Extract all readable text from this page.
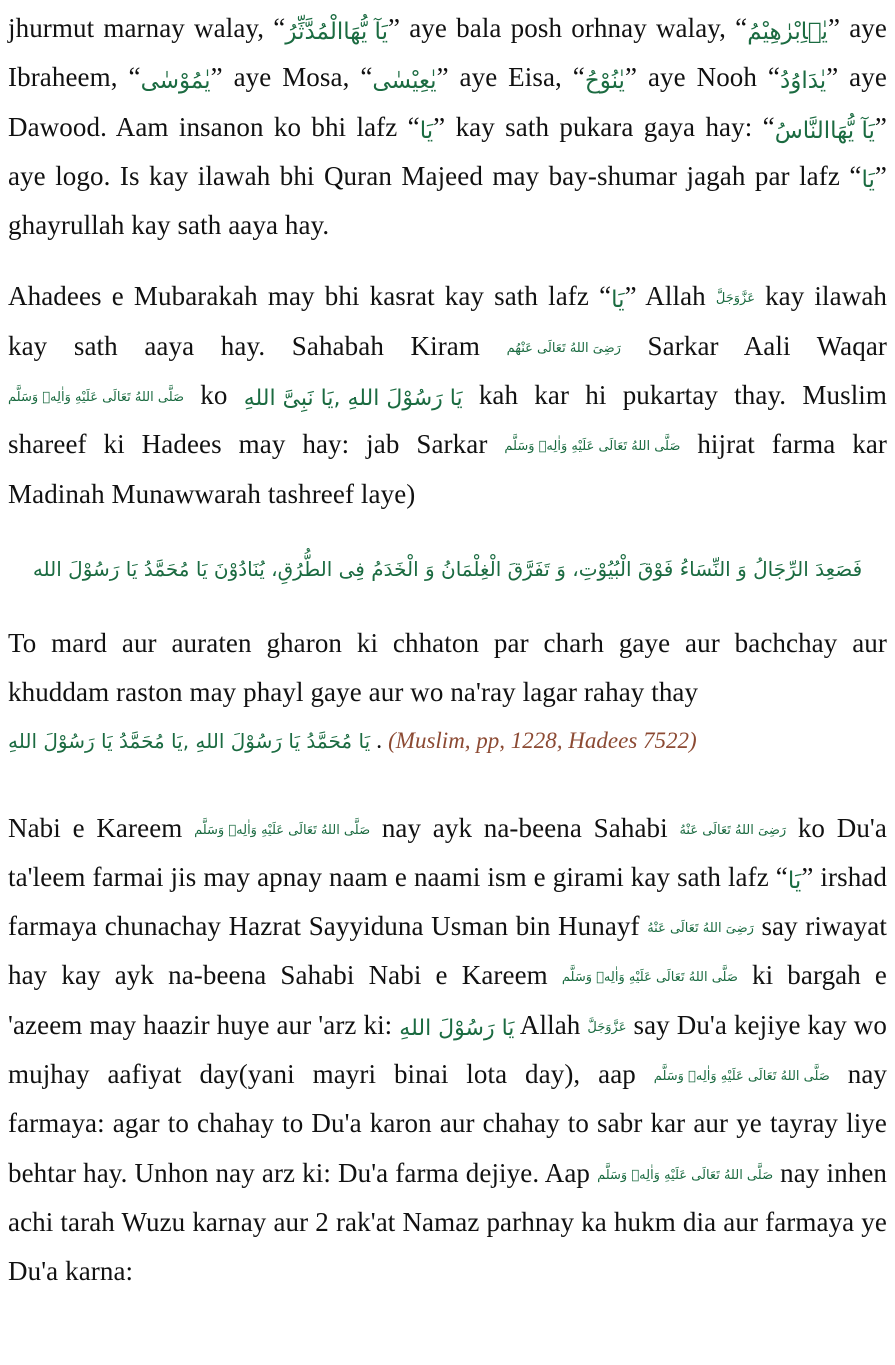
jhurmut marnay walay, “يَآ يُّهَاالْمُدَّثِّرُ” aye bala posh orhnay walay, “يٰۤاِبْرٰهِيْمُ” aye Ibraheem, “يٰمُوْسٰى” aye Mosa, “يٰعِيْسٰى” aye Eisa, “يٰنُوْحُ” aye Nooh “يٰدَاوُدُ” aye Dawood. Aam insanon ko bhi lafz “يَا” kay sath pukara gaya hay: “يَآ يُّهَاالنَّاسُ” aye logo. Is kay ilawah bhi Quran Majeed may bay-shumar jagah par lafz “يَا” ghayrullah kay sath aaya hay.

Ahadees e Mubarakah may bhi kasrat kay sath lafz “يَا” Allah عَزَّوَجَلَّ kay ilawah kay sath aaya hay. Sahabah Kiram رَضِىَ اللهُ تَعَالَى عَنْهُم Sarkar Aali Waqar صَلَّى اللهُ تَعَالَى عَلَيْهِ وَاٰلِهٖ وَسَلَّم ko يَا رَسُوْلَ اللهِ ,يَا نَبِىَّ اللهِ kah kar hi pukartay thay. Muslim shareef ki Hadees may hay: jab Sarkar صَلَّى اللهُ تَعَالَى عَلَيْهِ وَاٰلِهٖ وَسَلَّم hijrat farma kar Madinah Munawwarah tashreef laye)

فَصَعِدَ الرِّجَالُ وَ النِّسَاءُ فَوْقَ الْبُيُوْتِ، وَ تَفَرَّقَ الْغِلْمَانُ وَ الْخَدَمُ فِى الطُّرُقِ، يُنَادُوْنَ يَا مُحَمَّدُ يَا رَسُوْلَ الله

To mard aur auraten gharon ki chhaton par charh gaye aur bachchay aur khuddam raston may phayl gaye aur wo na'ray lagar rahay thay

يَا مُحَمَّدُ يَا رَسُوْلَ اللهِ ,يَا مُحَمَّدُ يَا رَسُوْلَ اللهِ . (Muslim, pp, 1228, Hadees 7522)

Nabi e Kareem صَلَّى اللهُ تَعَالَى عَلَيْهِ وَاٰلِهٖ وَسَلَّم nay ayk na-beena Sahabi رَضِىَ اللهُ تَعَالَى عَنْهُ ko Du'a ta'leem farmai jis may apnay naam e naami ism e girami kay sath lafz “يَا” irshad farmaya chunachay Hazrat Sayyiduna Usman bin Hunayf رَضِىَ اللهُ تَعَالَى عَنْهُ say riwayat hay kay ayk na-beena Sahabi Nabi e Kareem صَلَّى اللهُ تَعَالَى عَلَيْهِ وَاٰلِهٖ وَسَلَّم ki bargah e 'azeem may haazir huye aur 'arz ki: يَا رَسُوْلَ اللهِ Allah عَزَّوَجَلَّ say Du'a kejiye kay wo mujhay aafiyat day(yani mayri binai lota day), aap صَلَّى اللهُ تَعَالَى عَلَيْهِ وَاٰلِهٖ وَسَلَّم nay farmaya: agar to chahay to Du'a karon aur chahay to sabr kar aur ye tayray liye behtar hay. Unhon nay arz ki: Du'a farma dejiye. Aap صَلَّى اللهُ تَعَالَى عَلَيْهِ وَاٰلِهٖ وَسَلَّم nay inhen achi tarah Wuzu karnay aur 2 rak'at Namaz parhnay ka hukm dia aur farmaya ye Du'a karna:
